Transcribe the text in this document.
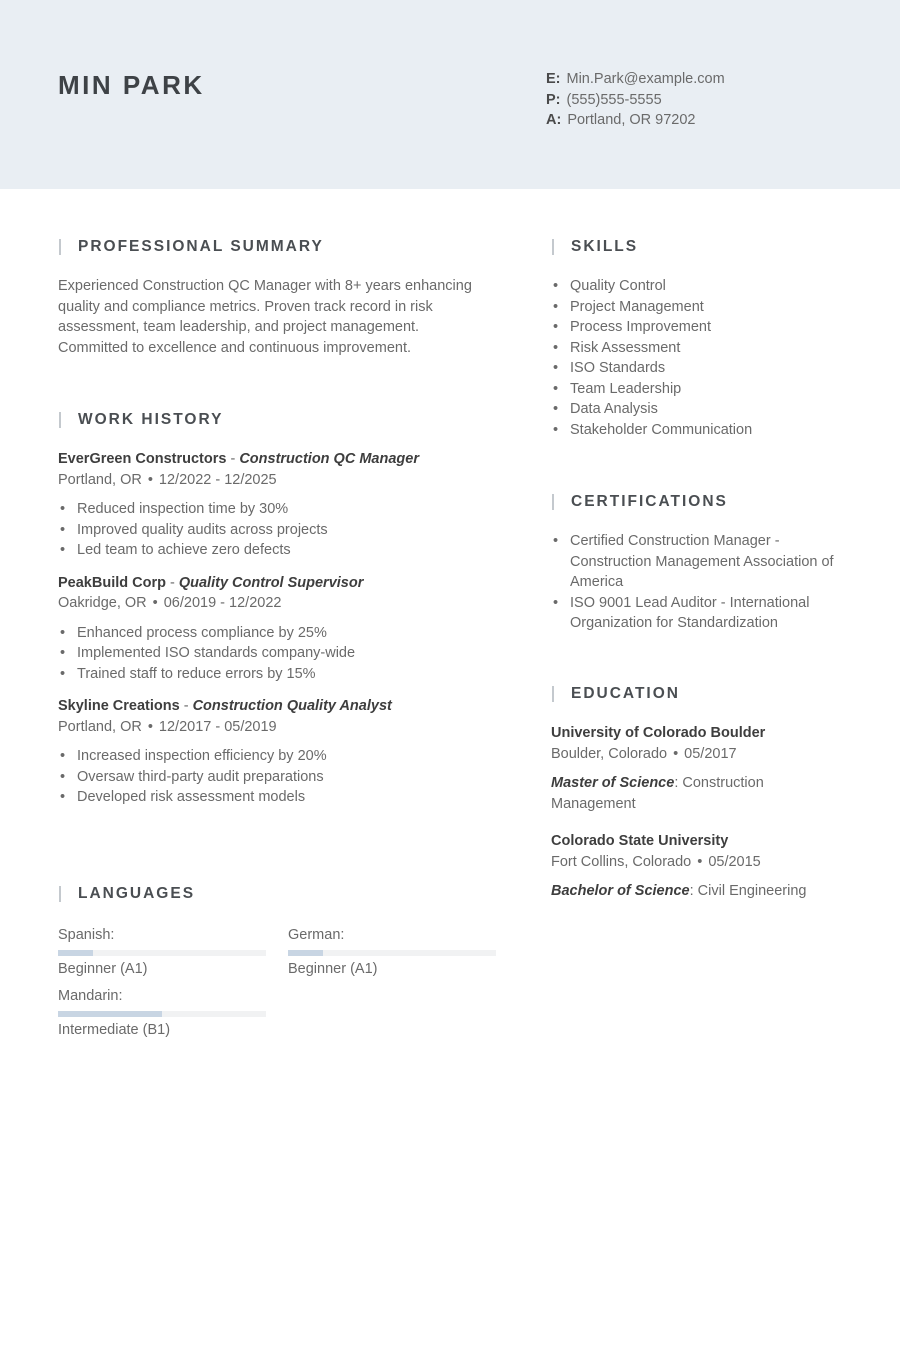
MIN PARK	E: Min.Park@example.com
P: (555)555-5555
A: Portland, OR 97202
PROFESSIONAL SUMMARY

Experienced Construction QC Manager with 8+ years enhancing
quality and compliance metrics. Proven track record in risk
assessment, team leadership, and project management.
Committed to excellence and continuous improvement.

WORK HISTORY
EverGreen Constructors - Construction QC Manager
Portland, OR • 12/2022 - 12/2025
• Reduced inspection time by 30%
• Improved quality audits across projects
• Led team to achieve zero defects
PeakBuild Corp - Quality Control Supervisor
Oakridge, OR • 06/2019 - 12/2022
• Enhanced process compliance by 25%
• Implemented ISO standards company-wide
• Trained staff to reduce errors by 15%
Skyline Creations - Construction Quality Analyst
Portland, OR • 12/2017 - 05/2019
• Increased inspection efficiency by 20%
• Oversaw third-party audit preparations
• Developed risk assessment models
LANGUAGES
Spanish:
Beginner (A1)
German:
Beginner (A1)
Mandarin:
Intermediate (B1)
SKILLS
• Quality Control
• Project Management
• Process Improvement
• Risk Assessment
• ISO Standards
• Team Leadership
• Data Analysis
• Stakeholder Communication
CERTIFICATIONS
• Certified Construction Manager -
Construction Management Association of
America
• ISO 9001 Lead Auditor - International
Organization for Standardization
EDUCATION
University of Colorado Boulder
Boulder, Colorado • 05/2017
Master of Science: Construction
Management
Colorado State University
Fort Collins, Colorado • 05/2015
Bachelor of Science: Civil Engineering
